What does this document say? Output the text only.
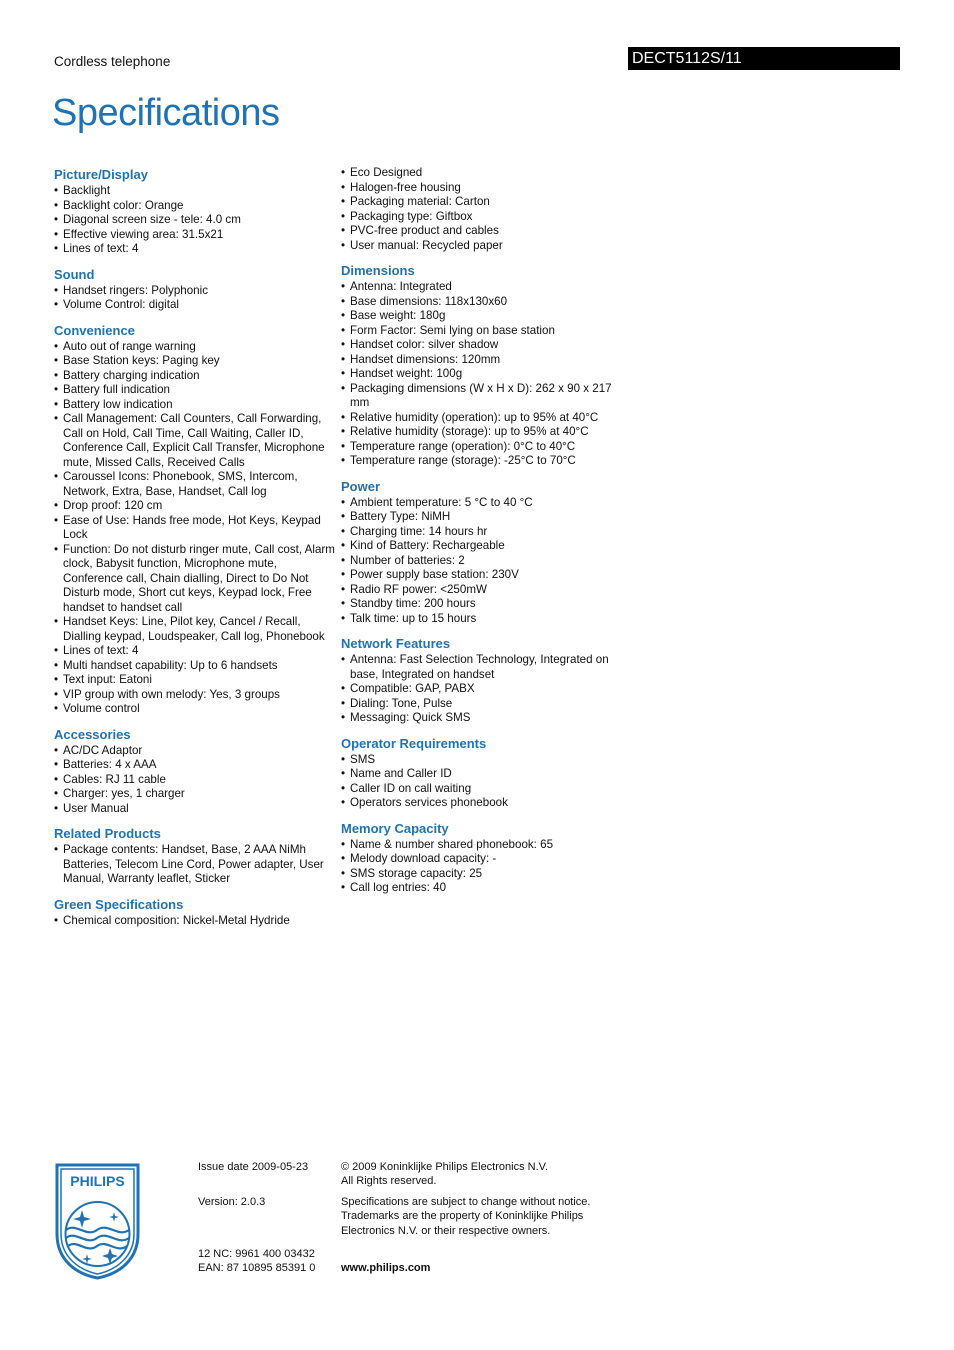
Cordless telephone	DECT5112S/11
Specifications
Picture/Display
• Backlight
• Backlight color: Orange
• Diagonal screen size - tele: 4.0 cm
• Effective viewing area: 31.5x21
• Lines of text: 4
Sound
• Handset ringers: Polyphonic
• Volume Control: digital
Convenience
• Auto out of range warning
• Base Station keys: Paging key
• Battery charging indication
• Battery full indication
• Battery low indication
• Call Management: Call Counters, Call Forwarding, Call on Hold, Call Time, Call Waiting, Caller ID, Conference Call, Explicit Call Transfer, Microphone mute, Missed Calls, Received Calls
• Caroussel Icons: Phonebook, SMS, Intercom, Network, Extra, Base, Handset, Call log
• Drop proof: 120 cm
• Ease of Use: Hands free mode, Hot Keys, Keypad Lock
• Function: Do not disturb ringer mute, Call cost, Alarm clock, Babysit function, Microphone mute, Conference call, Chain dialling, Direct to Do Not Disturb mode, Short cut keys, Keypad lock, Free handset to handset call
• Handset Keys: Line, Pilot key, Cancel / Recall, Dialling keypad, Loudspeaker, Call log, Phonebook
• Lines of text: 4
• Multi handset capability: Up to 6 handsets
• Text input: Eatoni
• VIP group with own melody: Yes, 3 groups
• Volume control
Accessories
• AC/DC Adaptor
• Batteries: 4 x AAA
• Cables: RJ 11 cable
• Charger: yes, 1 charger
• User Manual
Related Products
• Package contents: Handset, Base, 2 AAA NiMh Batteries, Telecom Line Cord, Power adapter, User Manual, Warranty leaflet, Sticker
Green Specifications
• Chemical composition: Nickel-Metal Hydride
• Eco Designed
• Halogen-free housing
• Packaging material: Carton
• Packaging type: Giftbox
• PVC-free product and cables
• User manual: Recycled paper
Dimensions
• Antenna: Integrated
• Base dimensions: 118x130x60
• Base weight: 180g
• Form Factor: Semi lying on base station
• Handset color: silver shadow
• Handset dimensions: 120mm
• Handset weight: 100g
• Packaging dimensions (W x H x D): 262 x 90 x 217 mm
• Relative humidity (operation): up to 95% at 40°C
• Relative humidity (storage): up to 95% at 40°C
• Temperature range (operation): 0°C to 40°C
• Temperature range (storage): -25°C to 70°C
Power
• Ambient temperature: 5 °C to 40 °C
• Battery Type: NiMH
• Charging time: 14 hours hr
• Kind of Battery: Rechargeable
• Number of batteries: 2
• Power supply base station: 230V
• Radio RF power: <250mW
• Standby time: 200 hours
• Talk time: up to 15 hours
Network Features
• Antenna: Fast Selection Technology, Integrated on base, Integrated on handset
• Compatible: GAP, PABX
• Dialing: Tone, Pulse
• Messaging: Quick SMS
Operator Requirements
• SMS
• Name and Caller ID
• Caller ID on call waiting
• Operators services phonebook
Memory Capacity
• Name & number shared phonebook: 65
• Melody download capacity: -
• SMS storage capacity: 25
• Call log entries: 40
PHILIPS
Issue date 2009-05-23
Version: 2.0.3
12 NC: 9961 400 03432
EAN: 87 10895 85391 0
© 2009 Koninklijke Philips Electronics N.V.
All Rights reserved.
Specifications are subject to change without notice.
Trademarks are the property of Koninklijke Philips
Electronics N.V. or their respective owners.
www.philips.com
